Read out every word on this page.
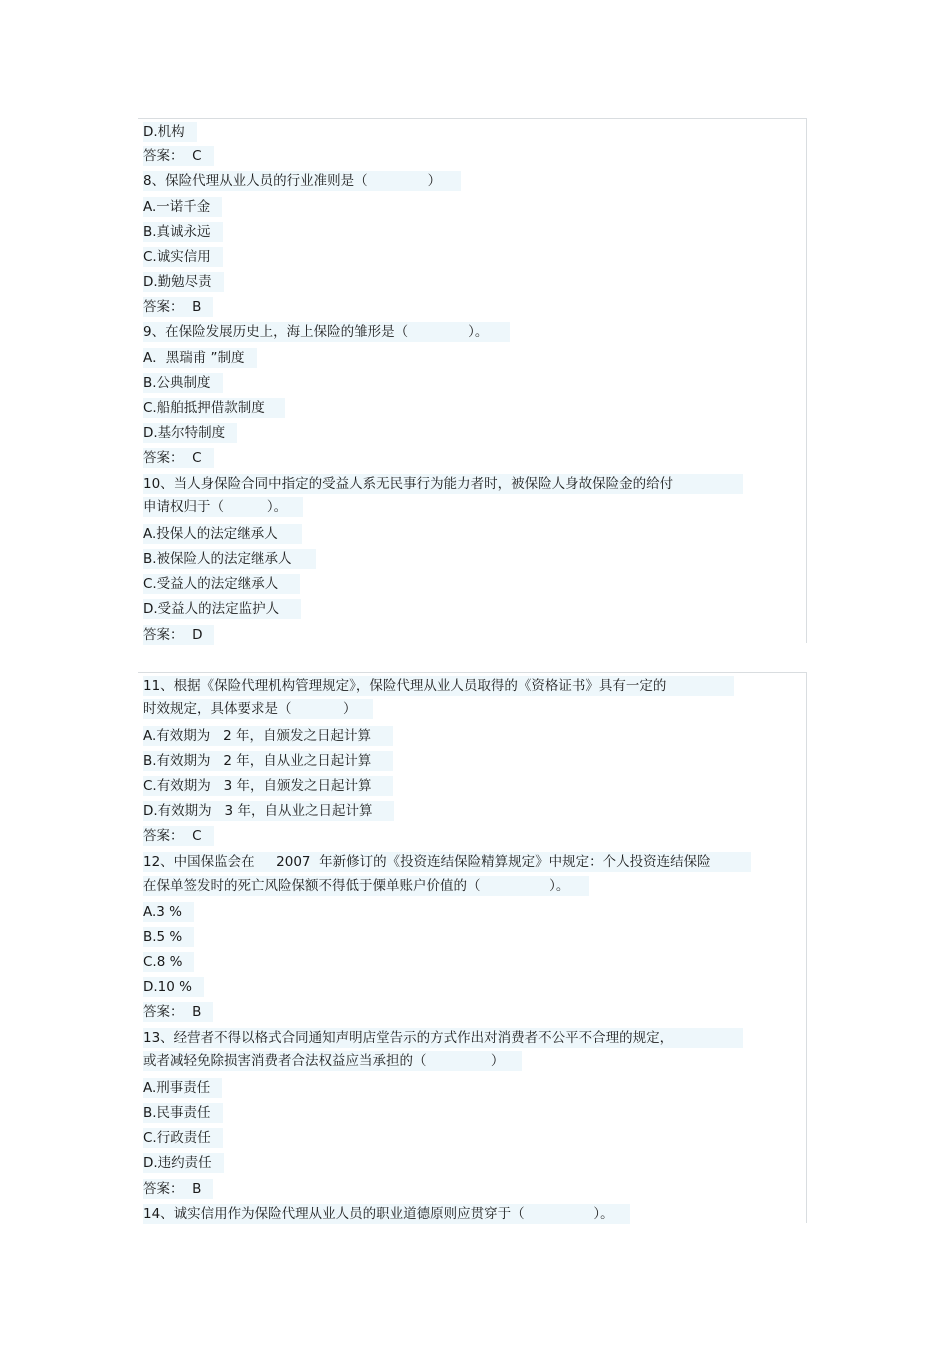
D.机构
答案：  C
8、保险代理从业人员的行业准则是（              ）
A.一诺千金
B.真诚永远
C.诚实信用
D.勤勉尽责
答案：  B
9、在保险发展历史上，海上保险的雏形是（              ）。
A．黑瑞甫 ”制度
B.公典制度
C.船舶抵押借款制度
D.基尔特制度
答案：  C
10、当人身保险合同中指定的受益人系无民事行为能力者时，被保险人身故保险金的给付
申请权归于（          ）。
A.投保人的法定继承人
B.被保险人的法定继承人
C.受益人的法定继承人
D.受益人的法定监护人
答案：  D
11、根据《保险代理机构管理规定》，保险代理从业人员取得的《资格证书》具有一定的
时效规定，具体要求是（            ）
A.有效期为   2 年，自颁发之日起计算
B.有效期为   2 年，自从业之日起计算
C.有效期为   3 年，自颁发之日起计算
D.有效期为   3 年，自从业之日起计算
答案：  C
12、中国保监会在     2007  年新修订的《投资连结保险精算规定》中规定：个人投资连结保险
在保单签发时的死亡风险保额不得低于傈单账户价值的（                ）。
A.3 %
B.5 %
C.8 %
D.10 %
答案：  B
13、经营者不得以格式合同通知声明店堂告示的方式作出对消费者不公平不合理的规定，
或者减轻免除损害消费者合法权益应当承担的（               ）
A.刑事责任
B.民事责任
C.行政责任
D.违约责任
答案：  B
14、诚实信用作为保险代理从业人员的职业道德原则应贯穿于（                ）。
